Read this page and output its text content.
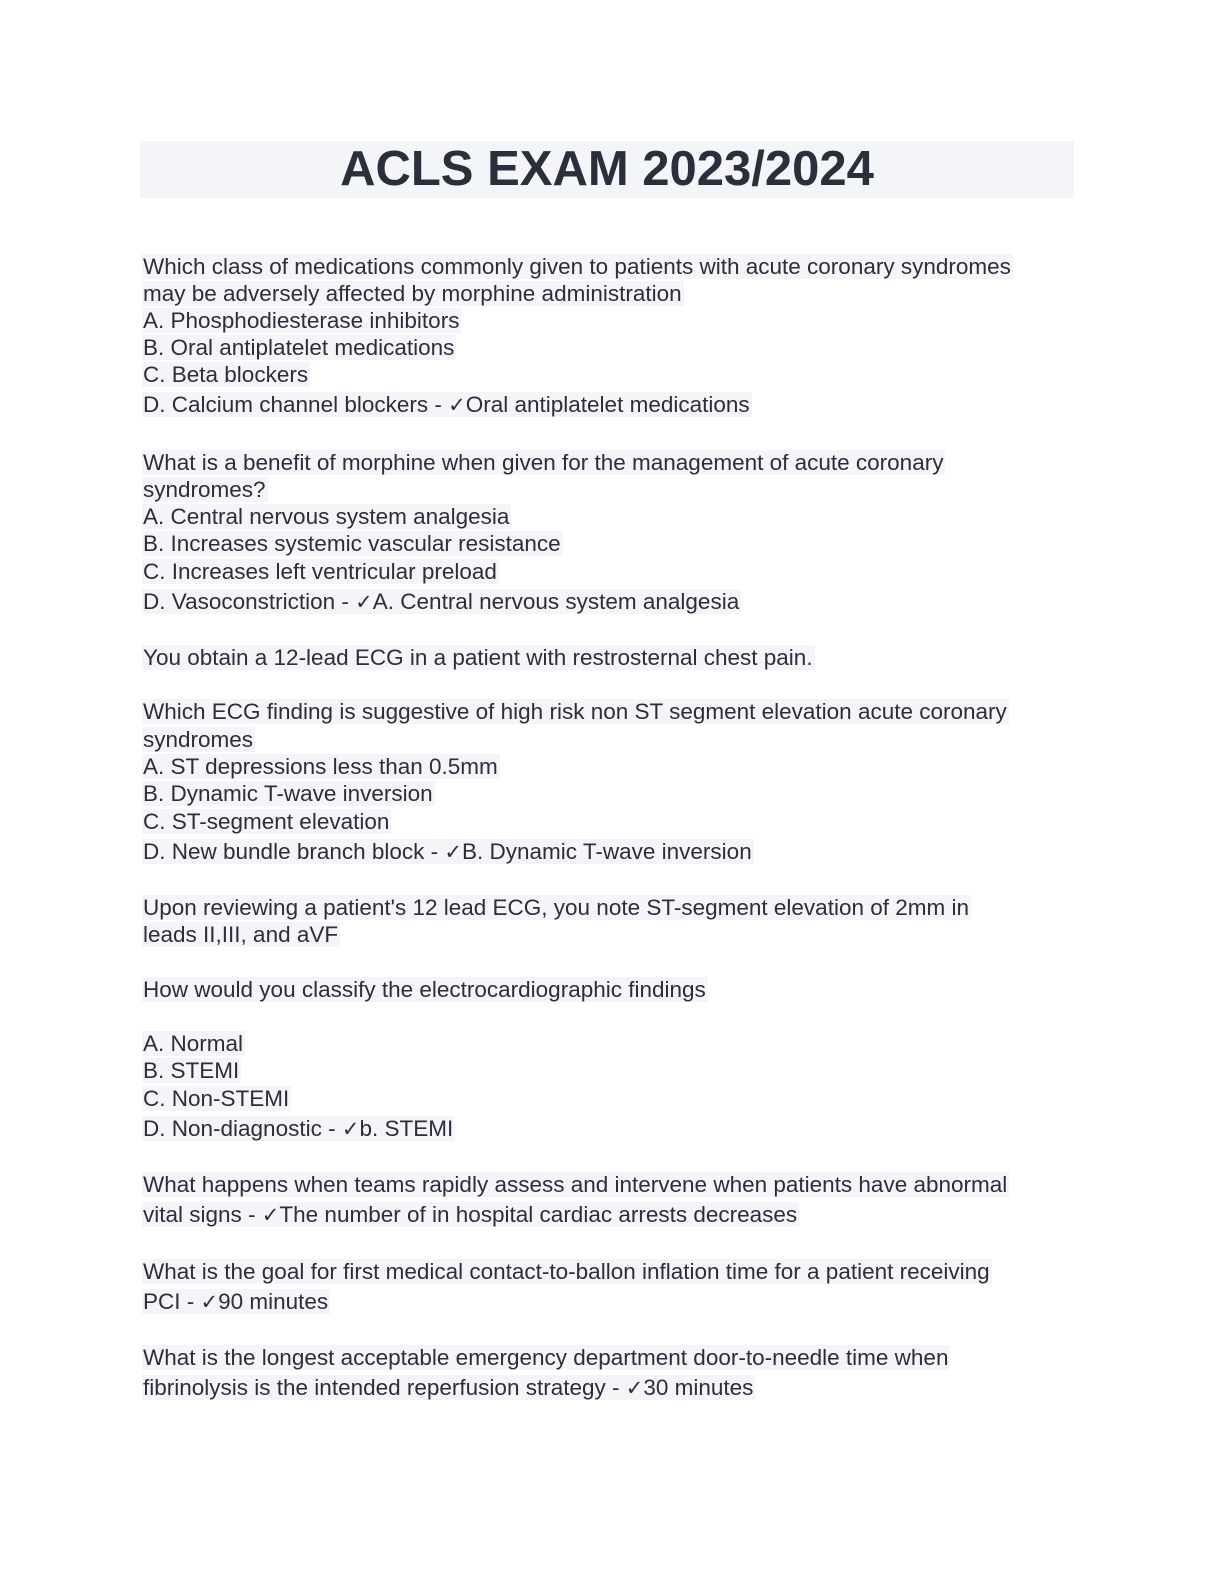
ACLS EXAM 2023/2024
Which class of medications commonly given to patients with acute coronary syndromes
may be adversely affected by morphine administration
A. Phosphodiesterase inhibitors
B. Oral antiplatelet medications
C. Beta blockers
D. Calcium channel blockers - ✓Oral antiplatelet medications
What is a benefit of morphine when given for the management of acute coronary
syndromes?
A. Central nervous system analgesia
B. Increases systemic vascular resistance
C. Increases left ventricular preload
D. Vasoconstriction - ✓A. Central nervous system analgesia
You obtain a 12-lead ECG in a patient with restrosternal chest pain.
Which ECG finding is suggestive of high risk non ST segment elevation acute coronary
syndromes
A. ST depressions less than 0.5mm
B. Dynamic T-wave inversion
C. ST-segment elevation
D. New bundle branch block - ✓B. Dynamic T-wave inversion
Upon reviewing a patient's 12 lead ECG, you note ST-segment elevation of 2mm in
leads II,III, and aVF
How would you classify the electrocardiographic findings
A. Normal
B. STEMI
C. Non-STEMI
D. Non-diagnostic - ✓b. STEMI
What happens when teams rapidly assess and intervene when patients have abnormal
vital signs - ✓The number of in hospital cardiac arrests decreases
What is the goal for first medical contact-to-ballon inflation time for a patient receiving
PCI - ✓90 minutes
What is the longest acceptable emergency department door-to-needle time when
fibrinolysis is the intended reperfusion strategy - ✓30 minutes
